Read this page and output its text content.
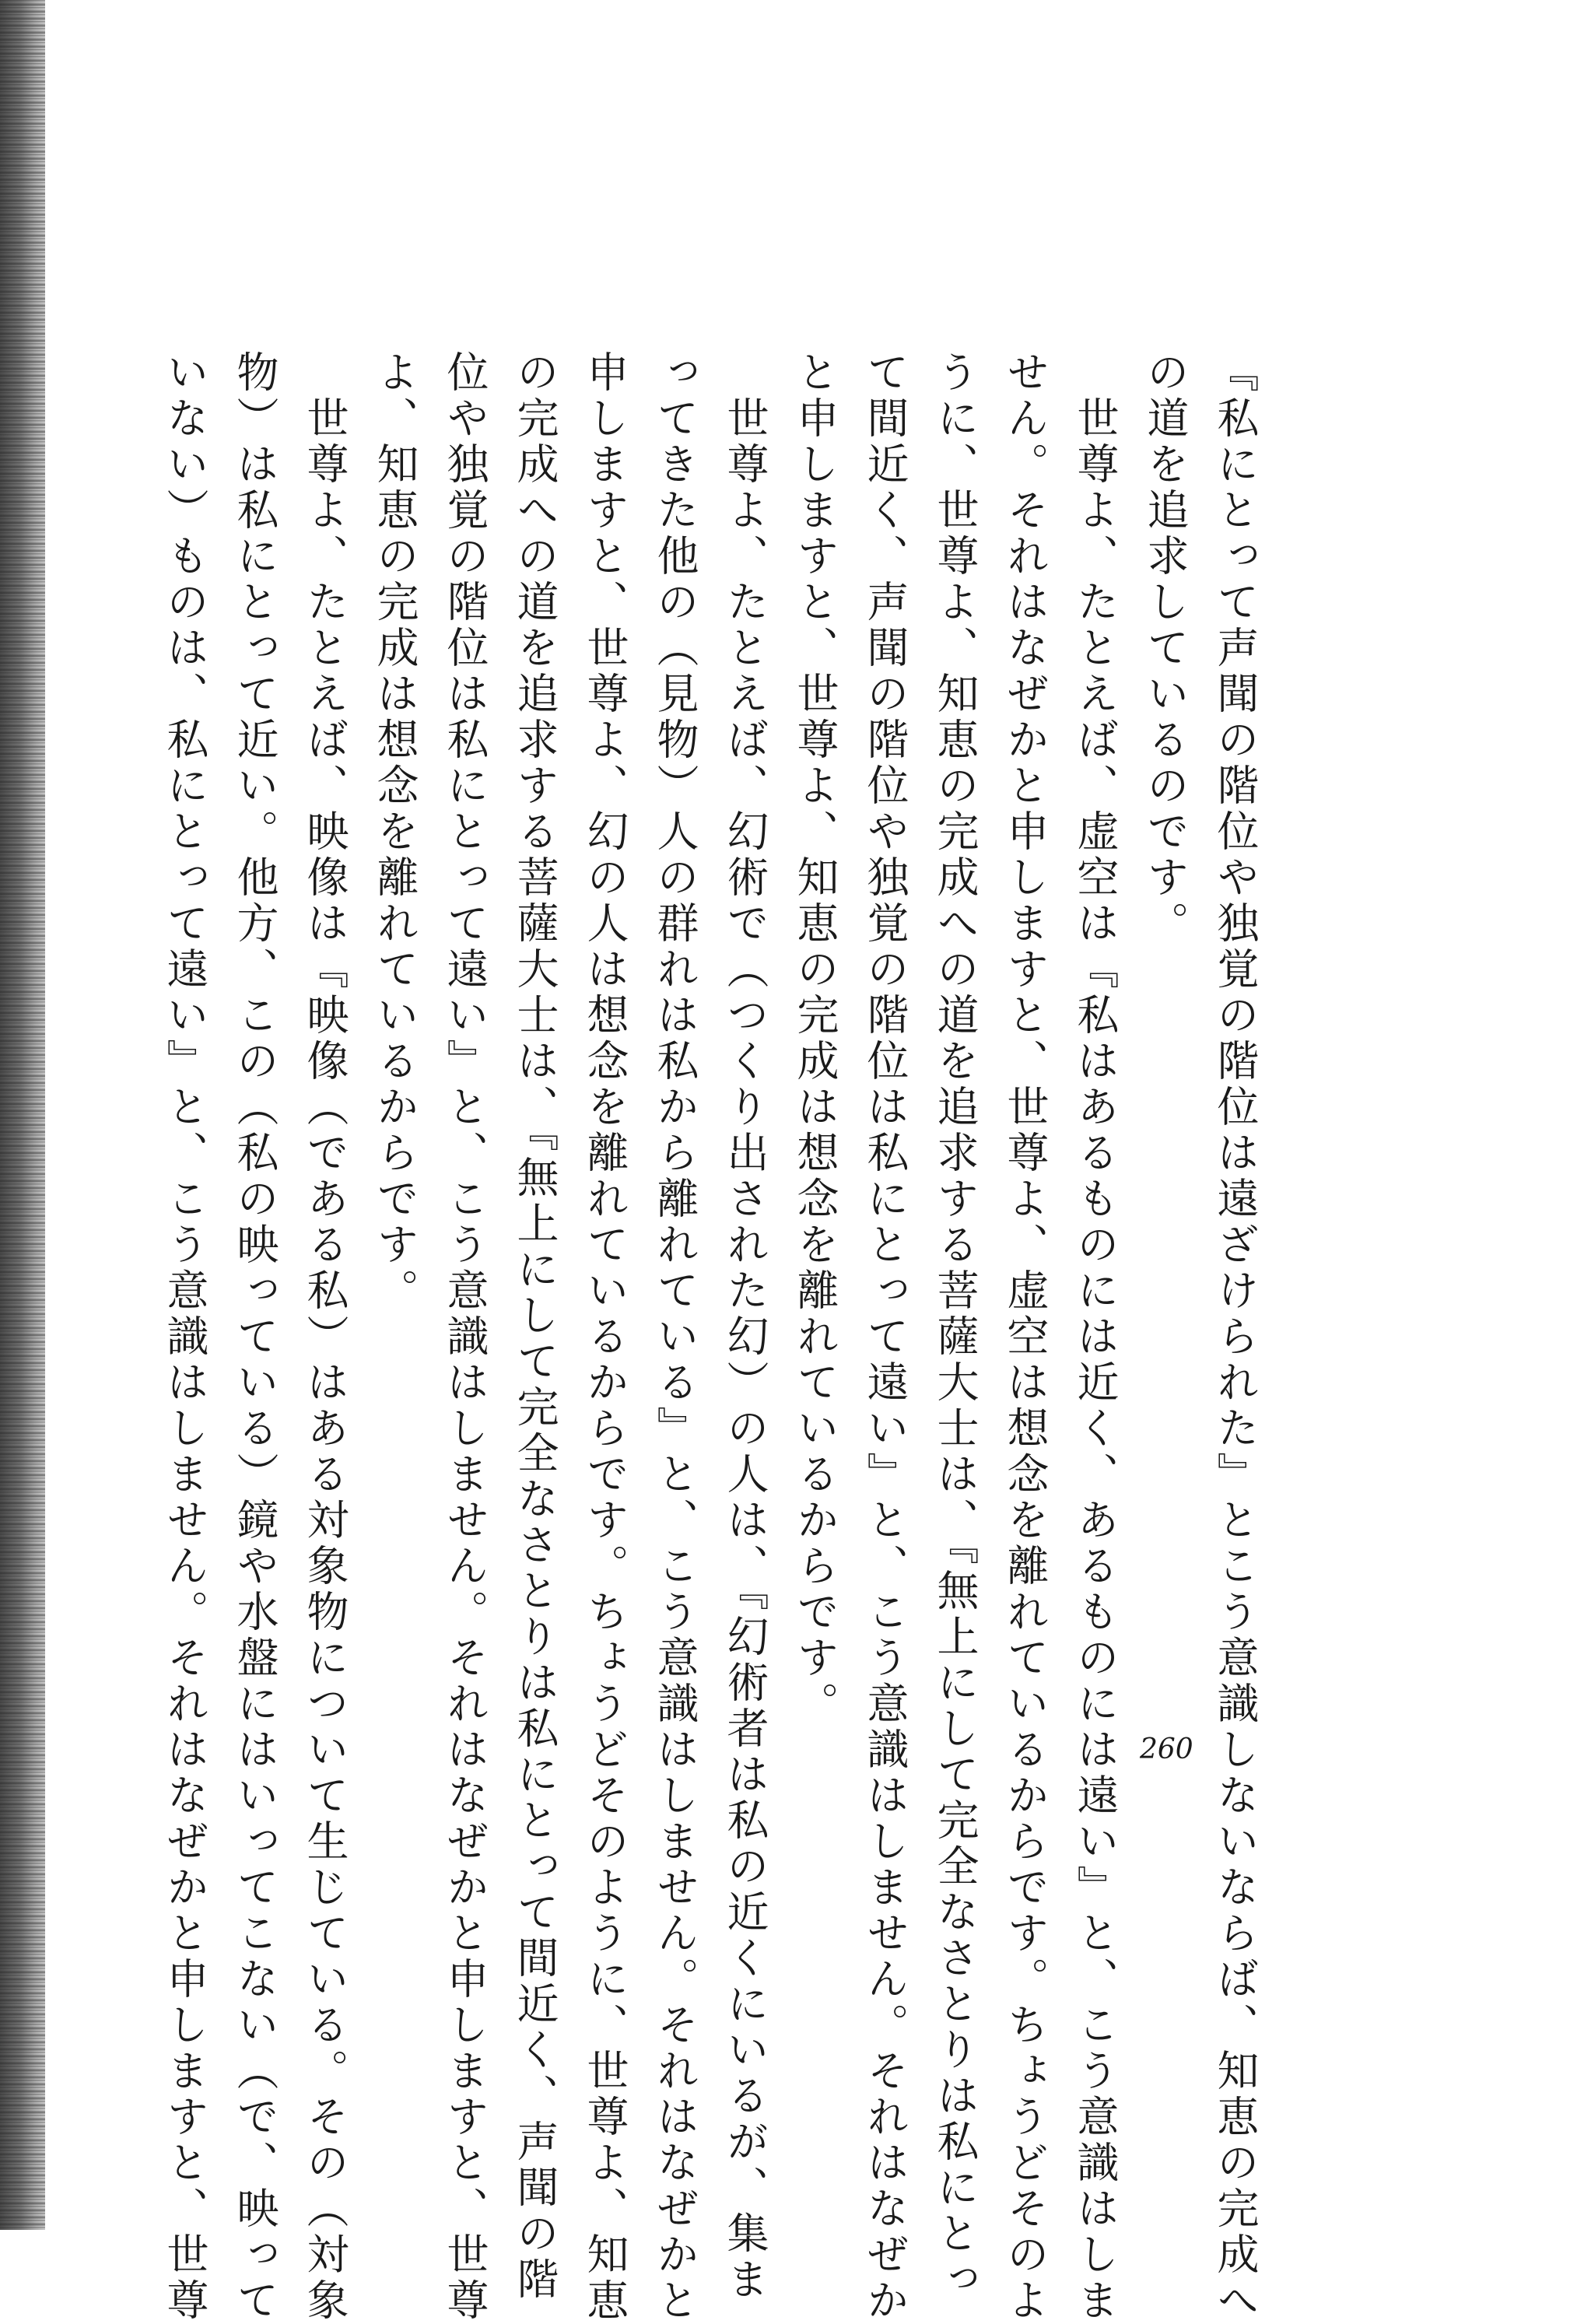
『私にとって声聞の階位や独覚の階位は遠ざけられた』とこう意識しないならば、知恵の完成へ
の道を追求しているのです。
　世尊よ、たとえば、虚空は『私はあるものには近く、あるものには遠い』と、こう意識はしま
せん。それはなぜかと申しますと、世尊よ、虚空は想念を離れているからです。ちょうどそのよ
うに、世尊よ、知恵の完成への道を追求する菩薩大士は、『無上にして完全なさとりは私にとっ
て間近く、声聞の階位や独覚の階位は私にとって遠い』と、こう意識はしません。それはなぜか
と申しますと、世尊よ、知恵の完成は想念を離れているからです。
　世尊よ、たとえば、幻術で（つくり出された幻）の人は、『幻術者は私の近くにいるが、集ま
ってきた他の（見物）人の群れは私から離れている』と、こう意識はしません。それはなぜかと
申しますと、世尊よ、幻の人は想念を離れているからです。ちょうどそのように、世尊よ、知恵
の完成への道を追求する菩薩大士は、『無上にして完全なさとりは私にとって間近く、声聞の階
位や独覚の階位は私にとって遠い』と、こう意識はしません。それはなぜかと申しますと、世尊
よ、知恵の完成は想念を離れているからです。
　世尊よ、たとえば、映像は『映像（である私）はある対象物について生じている。その（対象
物）は私にとって近い。他方、この（私の映っている）鏡や水盤にはいってこない（で、映って
いない）ものは、私にとって遠い』と、こう意識はしません。それはなぜかと申しますと、世尊	260
